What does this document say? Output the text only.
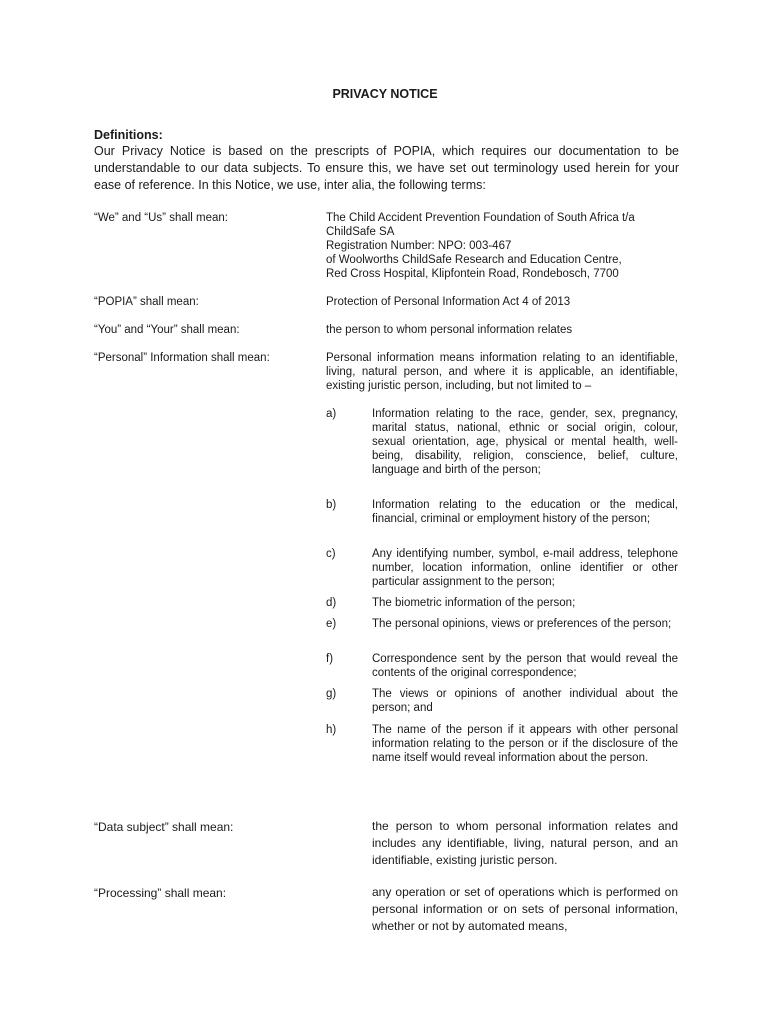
PRIVACY NOTICE
Definitions:
Our Privacy Notice is based on the prescripts of POPIA, which requires our documentation to be understandable to our data subjects. To ensure this, we have set out terminology used herein for your ease of reference. In this Notice, we use, inter alia, the following terms:
“We” and “Us” shall mean:	The Child Accident Prevention Foundation of South Africa t/a
ChildSafe SA
Registration Number: NPO: 003-467
of Woolworths ChildSafe Research and Education Centre,
Red Cross Hospital, Klipfontein Road, Rondebosch, 7700
“POPIA” shall mean:	Protection of Personal Information Act 4 of 2013
“You” and “Your” shall mean:	the person to whom personal information relates
“Personal” Information shall mean:	Personal information means information relating to an identifiable, living, natural person, and where it is applicable, an identifiable, existing juristic person, including, but not limited to –
a)	Information relating to the race, gender, sex, pregnancy, marital status, national, ethnic or social origin, colour, sexual orientation, age, physical or mental health, well-being, disability, religion, conscience, belief, culture, language and birth of the person;
b)	Information relating to the education or the medical, financial, criminal or employment history of the person;
c)	Any identifying number, symbol, e-mail address, telephone number, location information, online identifier or other particular assignment to the person;
d)	The biometric information of the person;
e)	The personal opinions, views or preferences of the person;
f)	Correspondence sent by the person that would reveal the contents of the original correspondence;
g)	The views or opinions of another individual about the person; and
h)	The name of the person if it appears with other personal information relating to the person or if the disclosure of the name itself would reveal information about the person.
“Data subject” shall mean:	the person to whom personal information relates and includes any identifiable, living, natural person, and an identifiable, existing juristic person.
“Processing” shall mean:	any operation or set of operations which is performed on personal information or on sets of personal information, whether or not by automated means,
